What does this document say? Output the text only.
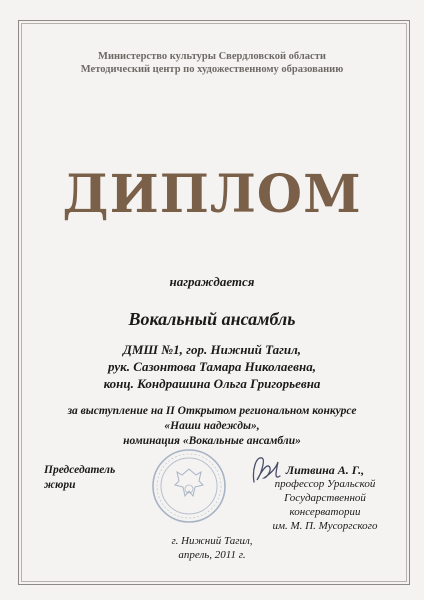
Министерство культуры Свердловской области
Методический центр по художественному образованию
ДИПЛОМ
награждается
Вокальный ансамбль
ДМШ №1, гор. Нижний Тагил,
рук. Сазонтова Тамара Николаевна,
конц. Кондрашина Ольга Григорьевна
за выступление на II Открытом региональном конкурсе
«Наши надежды»,
номинация «Вокальные ансамбли»
Председатель
жюри
Литвина А. Г.,
профессор Уральской
Государственной консерватории
им. М. П. Мусоргского
г. Нижний Тагил,
апрель, 2011 г.
